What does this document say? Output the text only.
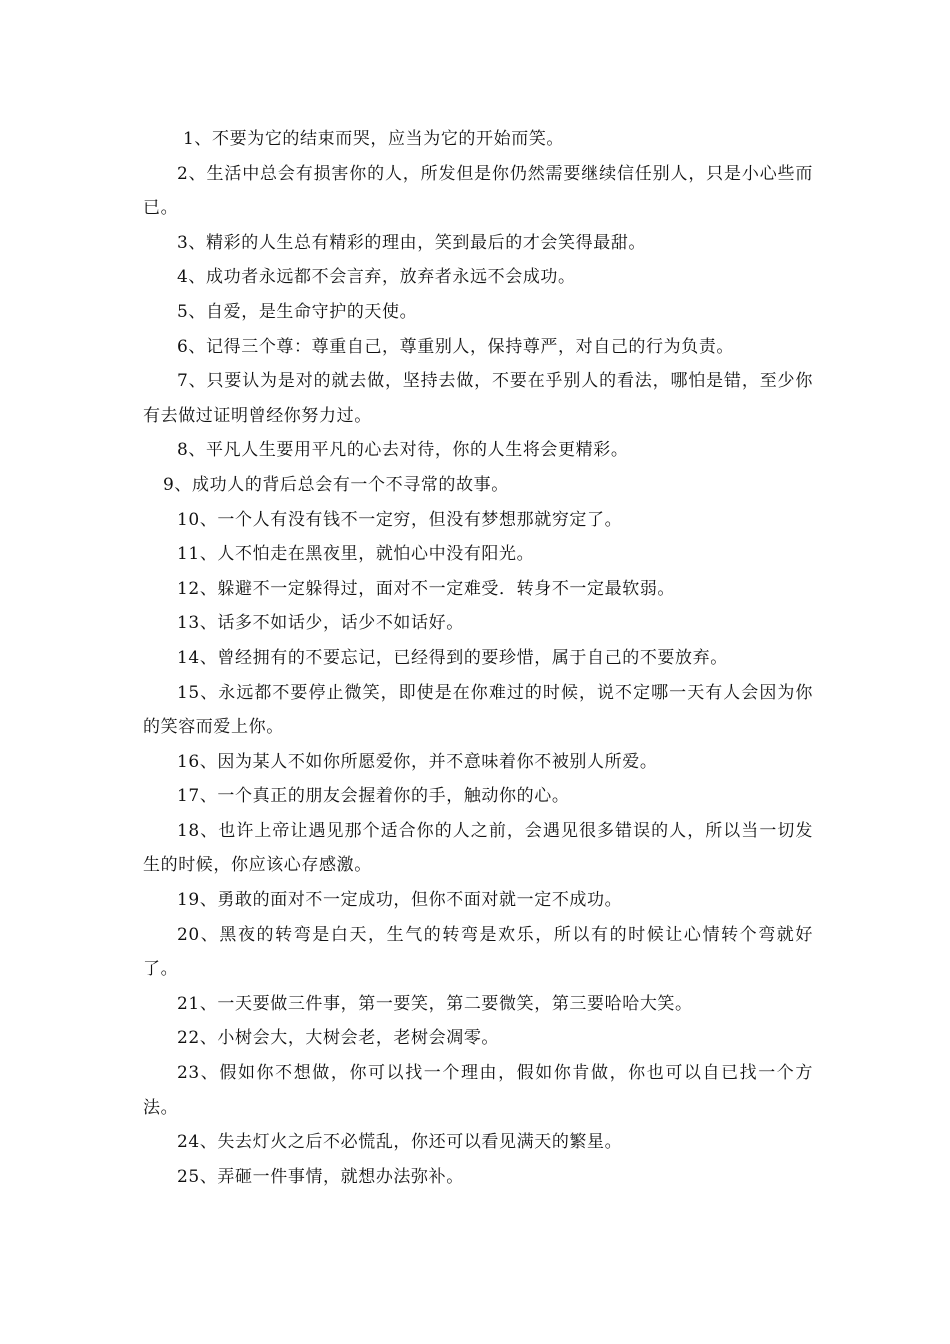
1、不要为它的结束而哭，应当为它的开始而笑。

2、生活中总会有损害你的人，所发但是你仍然需要继续信任别人，只是小心些而已。

3、精彩的人生总有精彩的理由，笑到最后的才会笑得最甜。

4、成功者永远都不会言弃，放弃者永远不会成功。

5、自爱，是生命守护的天使。

6、记得三个尊：尊重自己，尊重别人，保持尊严，对自己的行为负责。

7、只要认为是对的就去做，坚持去做，不要在乎别人的看法，哪怕是错，至少你有去做过证明曾经你努力过。

8、平凡人生要用平凡的心去对待，你的人生将会更精彩。

9、成功人的背后总会有一个不寻常的故事。

10、一个人有没有钱不一定穷，但没有梦想那就穷定了。

11、人不怕走在黑夜里，就怕心中没有阳光。

12、躲避不一定躲得过，面对不一定难受．转身不一定最软弱。

13、话多不如话少，话少不如话好。

14、曾经拥有的不要忘记，已经得到的要珍惜，属于自己的不要放弃。

15、永远都不要停止微笑，即使是在你难过的时候，说不定哪一天有人会因为你的笑容而爱上你。

16、因为某人不如你所愿爱你，并不意味着你不被别人所爱。

17、一个真正的朋友会握着你的手，触动你的心。

18、也许上帝让遇见那个适合你的人之前，会遇见很多错误的人，所以当一切发生的时候，你应该心存感激。

19、勇敢的面对不一定成功，但你不面对就一定不成功。

20、黑夜的转弯是白天，生气的转弯是欢乐，所以有的时候让心情转个弯就好了。

21、一天要做三件事，第一要笑，第二要微笑，第三要哈哈大笑。

22、小树会大，大树会老，老树会凋零。

23、假如你不想做，你可以找一个理由，假如你肯做，你也可以自已找一个方法。

24、失去灯火之后不必慌乱，你还可以看见满天的繁星。

25、弄砸一件事情，就想办法弥补。
